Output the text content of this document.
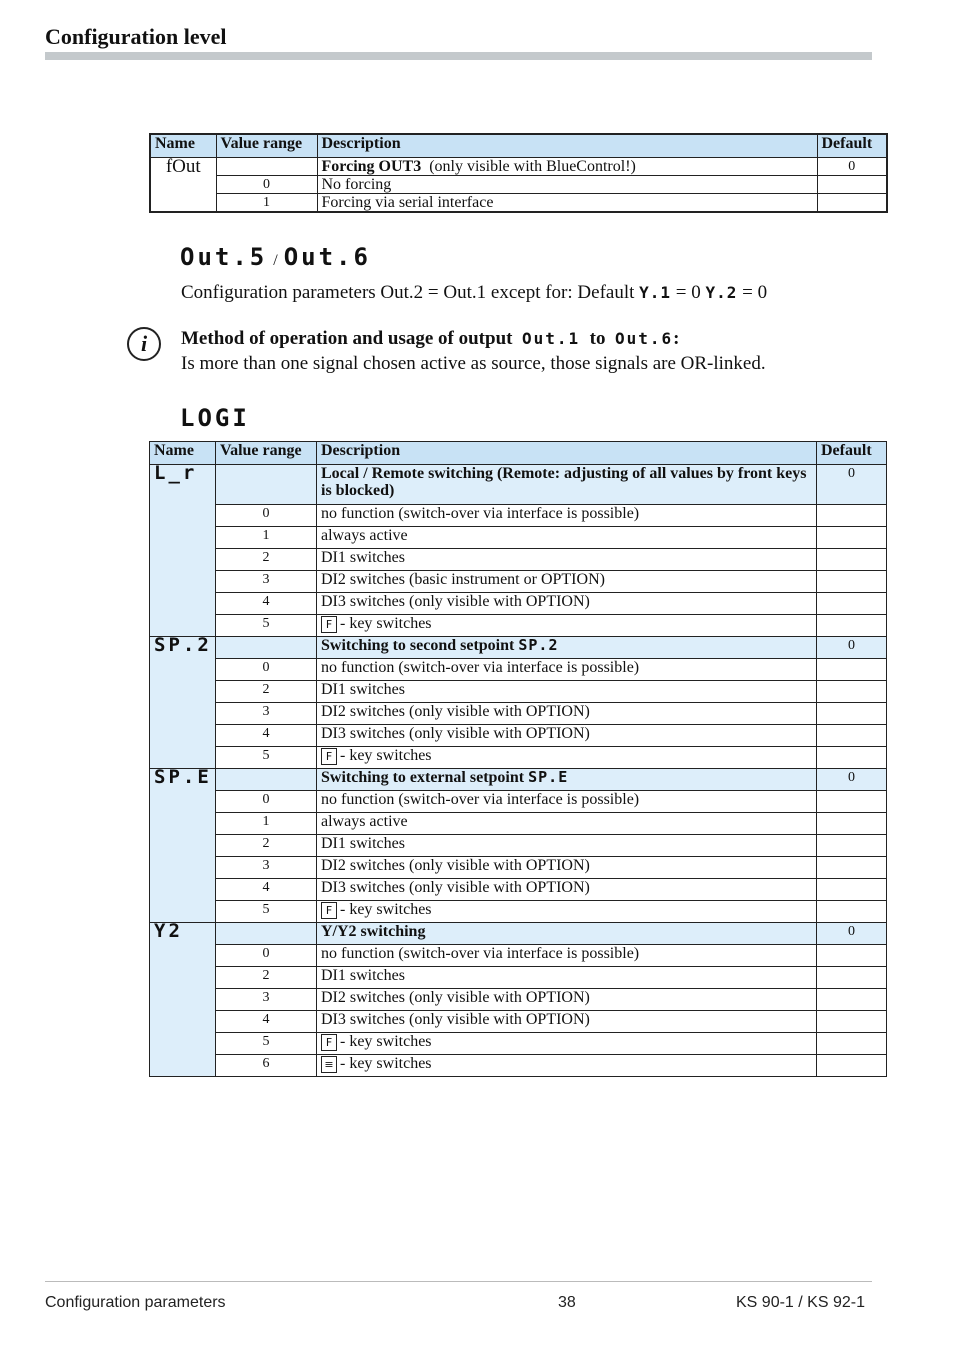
Configuration level
Name	Value range	Description	Default
fOut		Forcing OUT3 (only visible with BlueControl!)	0
	0	No forcing	
	1	Forcing via serial interface	
Out.5 / Out.6
Configuration parameters Out.2 = Out.1 except for: Default Y.1 = 0 Y.2 = 0
i	Method of operation and usage of output Out.1 to Out.6:
Is more than one signal chosen active as source, those signals are OR-linked.
LOGI
Name	Value range	Description	Default
L_r		Local / Remote switching (Remote: adjusting of all values by front keys is blocked)	0
	0	no function (switch-over via interface is possible)	
	1	always active	
	2	DI1 switches	
	3	DI2 switches (basic instrument or OPTION)	
	4	DI3 switches (only visible with OPTION)	
	5	F - key switches	
SP.2		Switching to second setpoint SP.2	0
	0	no function (switch-over via interface is possible)	
	2	DI1 switches	
	3	DI2 switches (only visible with OPTION)	
	4	DI3 switches (only visible with OPTION)	
	5	F - key switches	
SP.E		Switching to external setpoint SP.E	0
	0	no function (switch-over via interface is possible)	
	1	always active	
	2	DI1 switches	
	3	DI2 switches (only visible with OPTION)	
	4	DI3 switches (only visible with OPTION)	
	5	F - key switches	
Y2		Y/Y2 switching	0
	0	no function (switch-over via interface is possible)	
	2	DI1 switches	
	3	DI2 switches (only visible with OPTION)	
	4	DI3 switches (only visible with OPTION)	
	5	F - key switches	
	6	≡ - key switches	
Configuration parameters	38	KS 90-1 / KS 92-1
